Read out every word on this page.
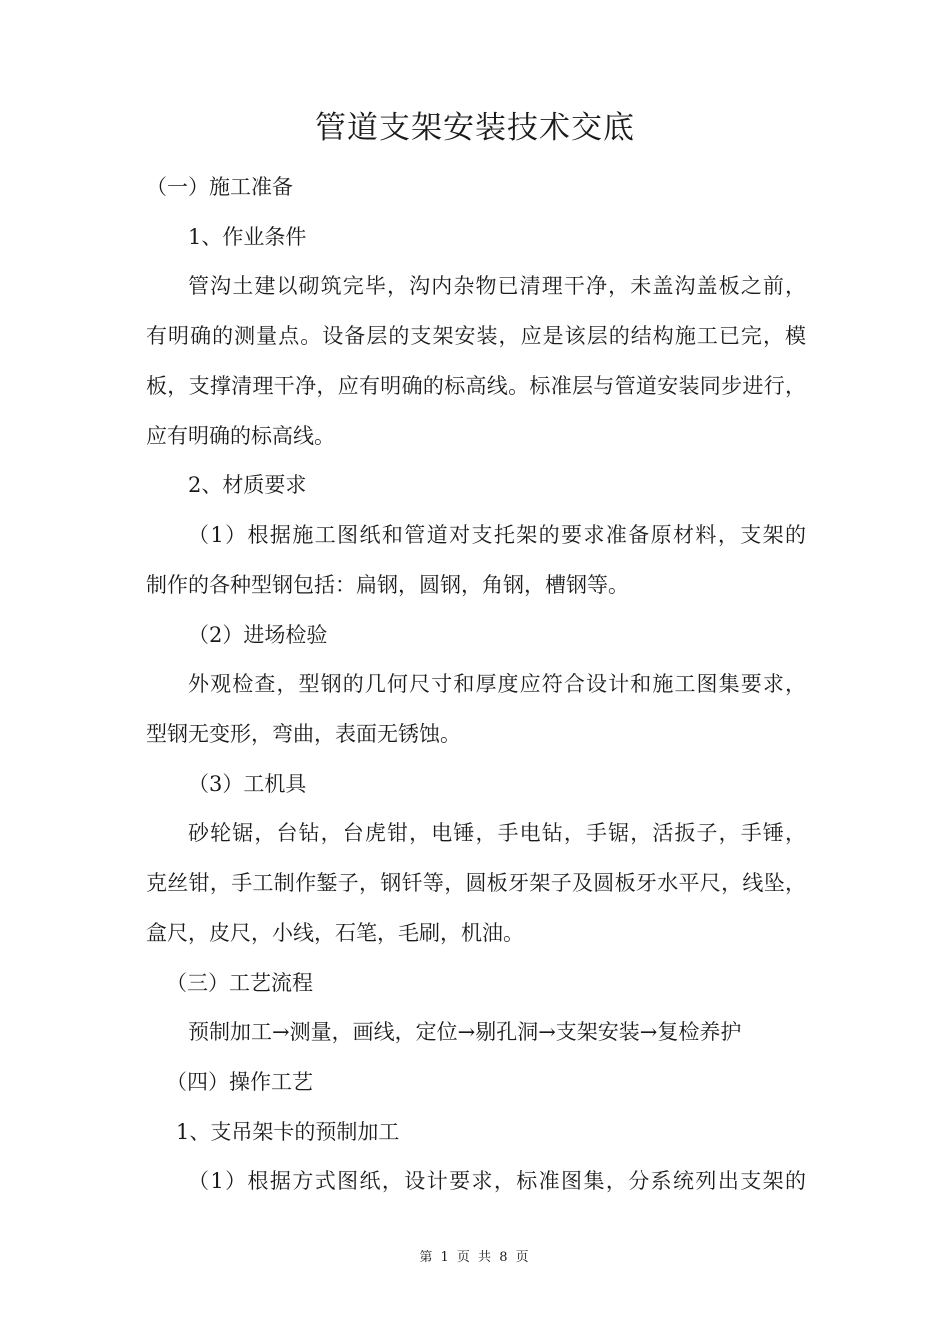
管道支架安装技术交底

（一）施工准备

1、作业条件

管沟土建以砌筑完毕，沟内杂物已清理干净，未盖沟盖板之前，

有明确的测量点。设备层的支架安装，应是该层的结构施工已完，模

板，支撑清理干净，应有明确的标高线。标准层与管道安装同步进行，

应有明确的标高线。

2、材质要求

（1）根据施工图纸和管道对支托架的要求准备原材料，支架的

制作的各种型钢包括：扁钢，圆钢，角钢，槽钢等。

（2）进场检验

外观检查，型钢的几何尺寸和厚度应符合设计和施工图集要求，

型钢无变形，弯曲，表面无锈蚀。

（3）工机具

砂轮锯，台钻，台虎钳，电锤，手电钻，手锯，活扳子，手锤，

克丝钳，手工制作錾子，钢钎等，圆板牙架子及圆板牙水平尺，线坠，

盒尺，皮尺，小线，石笔，毛刷，机油。

（三）工艺流程

预制加工→测量，画线，定位→剔孔洞→支架安装→复检养护

（四）操作工艺

1、支吊架卡的预制加工

（1）根据方式图纸，设计要求，标准图集，分系统列出支架的

第 1 页 共 8 页
